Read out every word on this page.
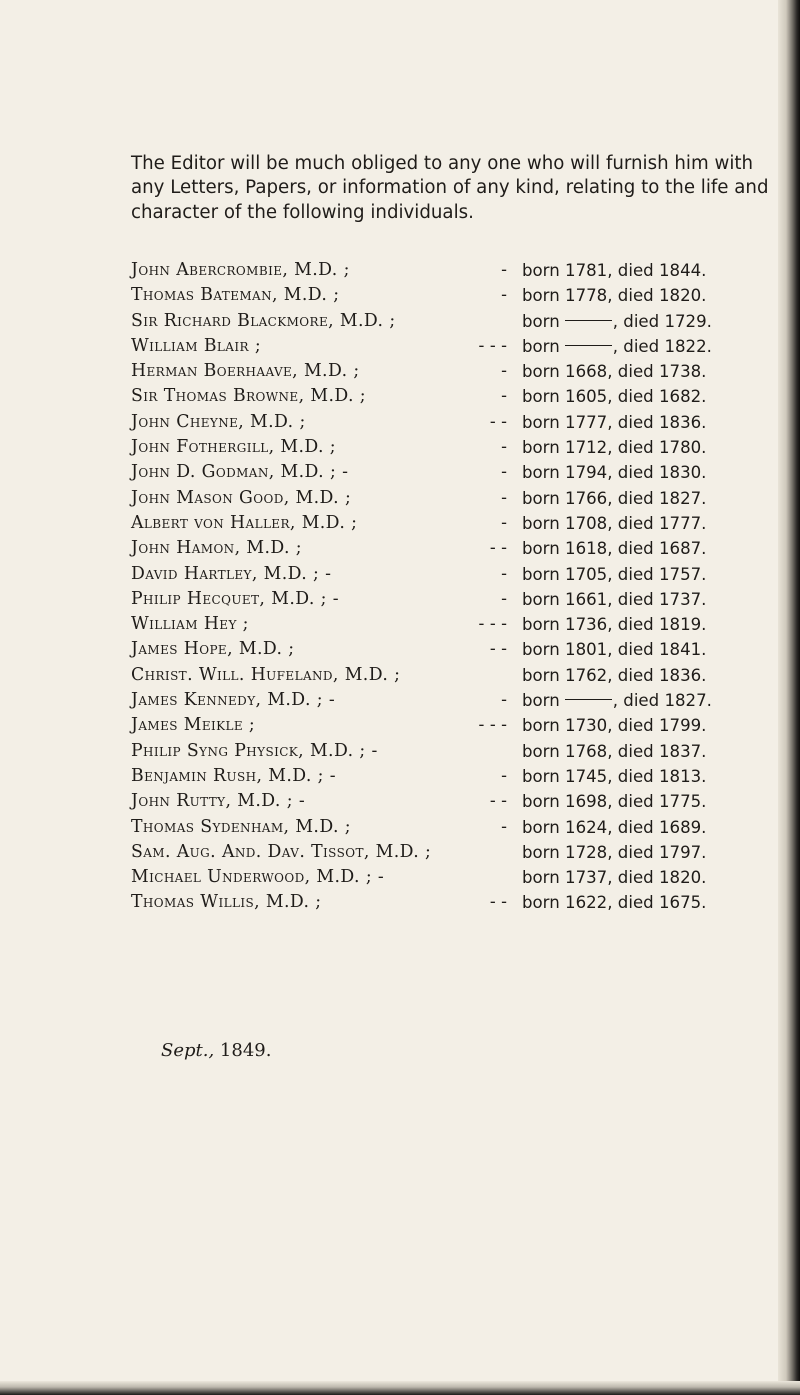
The Editor will be much obliged to any one who will furnish him with any Letters, Papers, or information of any kind, relating to the life and character of the following individuals.

John Abercrombie, M.D. ;	- born 1781, died 1844.
Thomas Bateman, M.D. ;	- born 1778, died 1820.
Sir Richard Blackmore, M.D. ;	born	, died 1729.
William Blair ;	- - - born	, died 1822.
Herman Boerhaave, M.D. ;	- born 1668, died 1738.
Sir Thomas Browne, M.D. ;	- born 1605, died 1682.
John Cheyne, M.D. ;	- - born 1777, died 1836.
John Fothergill, M.D. ;	- born 1712, died 1780.
John D. Godman, M.D. ; -	- born 1794, died 1830.
John Mason Good, M.D. ;	- born 1766, died 1827.
Albert von Haller, M.D. ;	- born 1708, died 1777.
John Hamon, M.D. ;	- - born 1618, died 1687.
David Hartley, M.D. ; -	- born 1705, died 1757.
Philip Hecquet, M.D. ; -	- born 1661, died 1737.
William Hey ;	- - - born 1736, died 1819.
James Hope, M.D. ;	- - born 1801, died 1841.
Christ. Will. Hufeland, M.D. ;	born 1762, died 1836.
James Kennedy, M.D. ; -	- born	, died 1827.
James Meikle ;	- - - born 1730, died 1799.
Philip Syng Physick, M.D. ; -	born 1768, died 1837.
Benjamin Rush, M.D. ; -	- born 1745, died 1813.
John Rutty, M.D. ; -	- - born 1698, died 1775.
Thomas Sydenham, M.D. ;	- born 1624, died 1689.
Sam. Aug. And. Dav. Tissot, M.D. ;	born 1728, died 1797.
Michael Underwood, M.D. ; -	born 1737, died 1820.
Thomas Willis, M.D. ;	- - born 1622, died 1675.

Sept., 1849.
